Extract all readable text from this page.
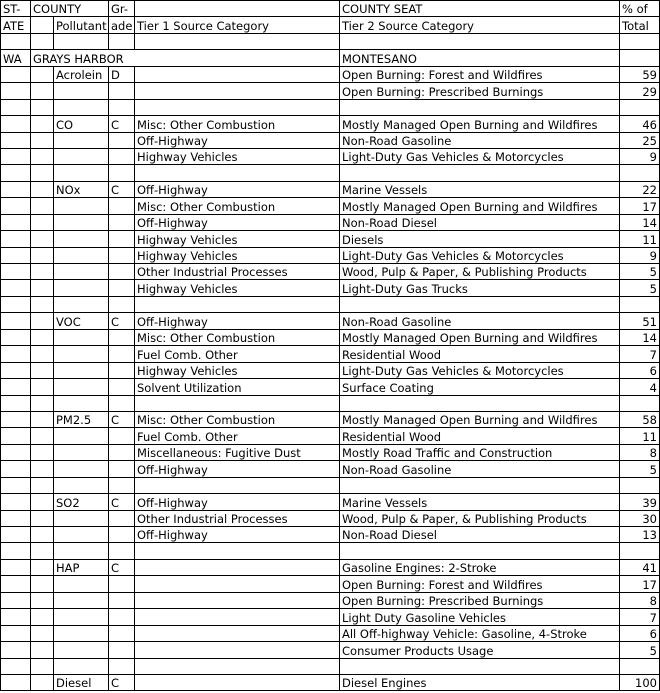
ST-	COUNTY		Gr-		COUNTY SEAT	% of
ATE		Pollutant	ade	Tier 1 Source Category	Tier 2 Source Category	Total

WA	GRAYS HARBOR				MONTESANO	
		Acrolein	D		Open Burning: Forest and Wildfires	59
					Open Burning: Prescribed Burnings	29

		CO	C	Misc: Other Combustion	Mostly Managed Open Burning and Wildfires	46
				Off-Highway	Non-Road Gasoline	25
				Highway Vehicles	Light-Duty Gas Vehicles & Motorcycles	9

		NOx	C	Off-Highway	Marine Vessels	22
				Misc: Other Combustion	Mostly Managed Open Burning and Wildfires	17
				Off-Highway	Non-Road Diesel	14
				Highway Vehicles	Diesels	11
				Highway Vehicles	Light-Duty Gas Vehicles & Motorcycles	9
				Other Industrial Processes	Wood, Pulp & Paper, & Publishing Products	5
				Highway Vehicles	Light-Duty Gas Trucks	5

		VOC	C	Off-Highway	Non-Road Gasoline	51
				Misc: Other Combustion	Mostly Managed Open Burning and Wildfires	14
				Fuel Comb. Other	Residential Wood	7
				Highway Vehicles	Light-Duty Gas Vehicles & Motorcycles	6
				Solvent Utilization	Surface Coating	4

		PM2.5	C	Misc: Other Combustion	Mostly Managed Open Burning and Wildfires	58
				Fuel Comb. Other	Residential Wood	11
				Miscellaneous: Fugitive Dust	Mostly Road Traffic and Construction	8
				Off-Highway	Non-Road Gasoline	5

		SO2	C	Off-Highway	Marine Vessels	39
				Other Industrial Processes	Wood, Pulp & Paper, & Publishing Products	30
				Off-Highway	Non-Road Diesel	13

		HAP	C		Gasoline Engines: 2-Stroke	41
					Open Burning: Forest and Wildfires	17
					Open Burning: Prescribed Burnings	8
					Light Duty Gasoline Vehicles	7
					All Off-highway Vehicle: Gasoline, 4-Stroke	6
					Consumer Products Usage	5

		Diesel	C		Diesel Engines	100
